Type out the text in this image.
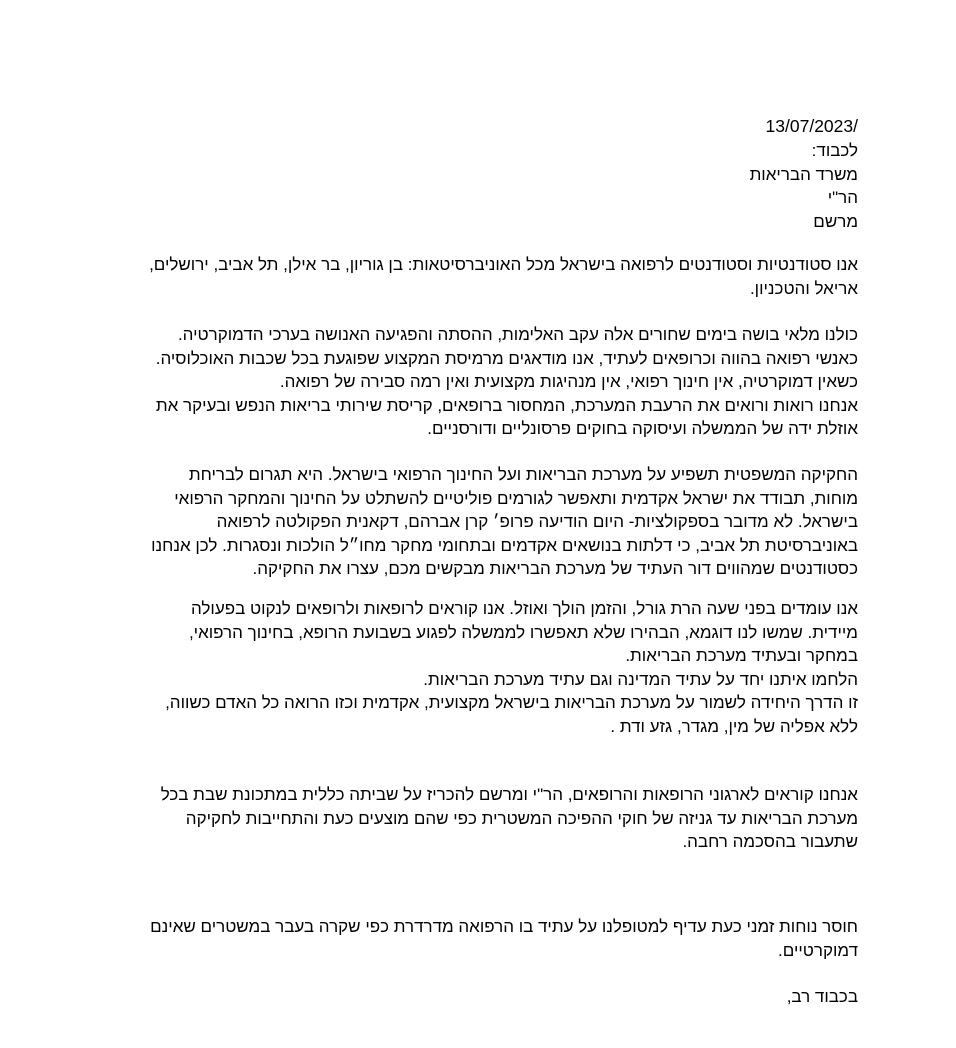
13/07/2023/
לכבוד:
משרד הבריאות
הר"י
מרשם
אנו סטודנטיות וסטודנטים לרפואה בישראל מכל האוניברסיטאות: בן גוריון, בר אילן, תל אביב, ירושלים,
אריאל והטכניון.
כולנו מלאי בושה בימים שחורים אלה עקב האלימות, ההסתה והפגיעה האנושה בערכי הדמוקרטיה.
כאנשי רפואה בהווה וכרופאים לעתיד, אנו מודאגים מרמיסת המקצוע שפוגעת בכל שכבות האוכלוסיה.
כשאין דמוקרטיה, אין חינוך רפואי, אין מנהיגות מקצועית ואין רמה סבירה של רפואה.
אנחנו רואות ורואים את הרעבת המערכת, המחסור ברופאים, קריסת שירותי בריאות הנפש ובעיקר את
אוזלת ידה של הממשלה ועיסוקה בחוקים פרסונליים ודורסניים.
החקיקה המשפטית תשפיע על מערכת הבריאות ועל החינוך הרפואי בישראל. היא תגרום לבריחת
מוחות, תבודד את ישראל אקדמית ותאפשר לגורמים פוליטיים להשתלט על החינוך והמחקר הרפואי
בישראל. לא מדובר בספקולציות- היום הודיעה פרופ׳ קרן אברהם, דקאנית הפקולטה לרפואה
באוניברסיטת תל אביב, כי דלתות בנושאים אקדמים ובתחומי מחקר מחו״ל הולכות ונסגרות. לכן אנחנו
כסטודנטים שמהווים דור העתיד של מערכת הבריאות מבקשים מכם, עצרו את החקיקה.
אנו עומדים בפני שעה הרת גורל, והזמן הולך ואוזל. אנו קוראים לרופאות ולרופאים לנקוט בפעולה
מיידית. שמשו לנו דוגמא, הבהירו שלא תאפשרו לממשלה לפגוע בשבועת הרופא, בחינוך הרפואי,
במחקר ובעתיד מערכת הבריאות.
הלחמו איתנו יחד על עתיד המדינה וגם עתיד מערכת הבריאות.
זו הדרך היחידה לשמור על מערכת הבריאות בישראל מקצועית, אקדמית וכזו הרואה כל האדם כשווה,
ללא אפליה של מין, מגדר, גזע ודת .
אנחנו קוראים לארגוני הרופאות והרופאים, הר"י ומרשם להכריז על שביתה כללית במתכונת שבת בכל
מערכת הבריאות עד גניזה של חוקי ההפיכה המשטרית כפי שהם מוצעים כעת והתחייבות לחקיקה
שתעבור בהסכמה רחבה.
חוסר נוחות זמני כעת עדיף למטופלנו על עתיד בו הרפואה מדרדרת כפי שקרה בעבר במשטרים שאינם
דמוקרטיים.
בכבוד רב,
